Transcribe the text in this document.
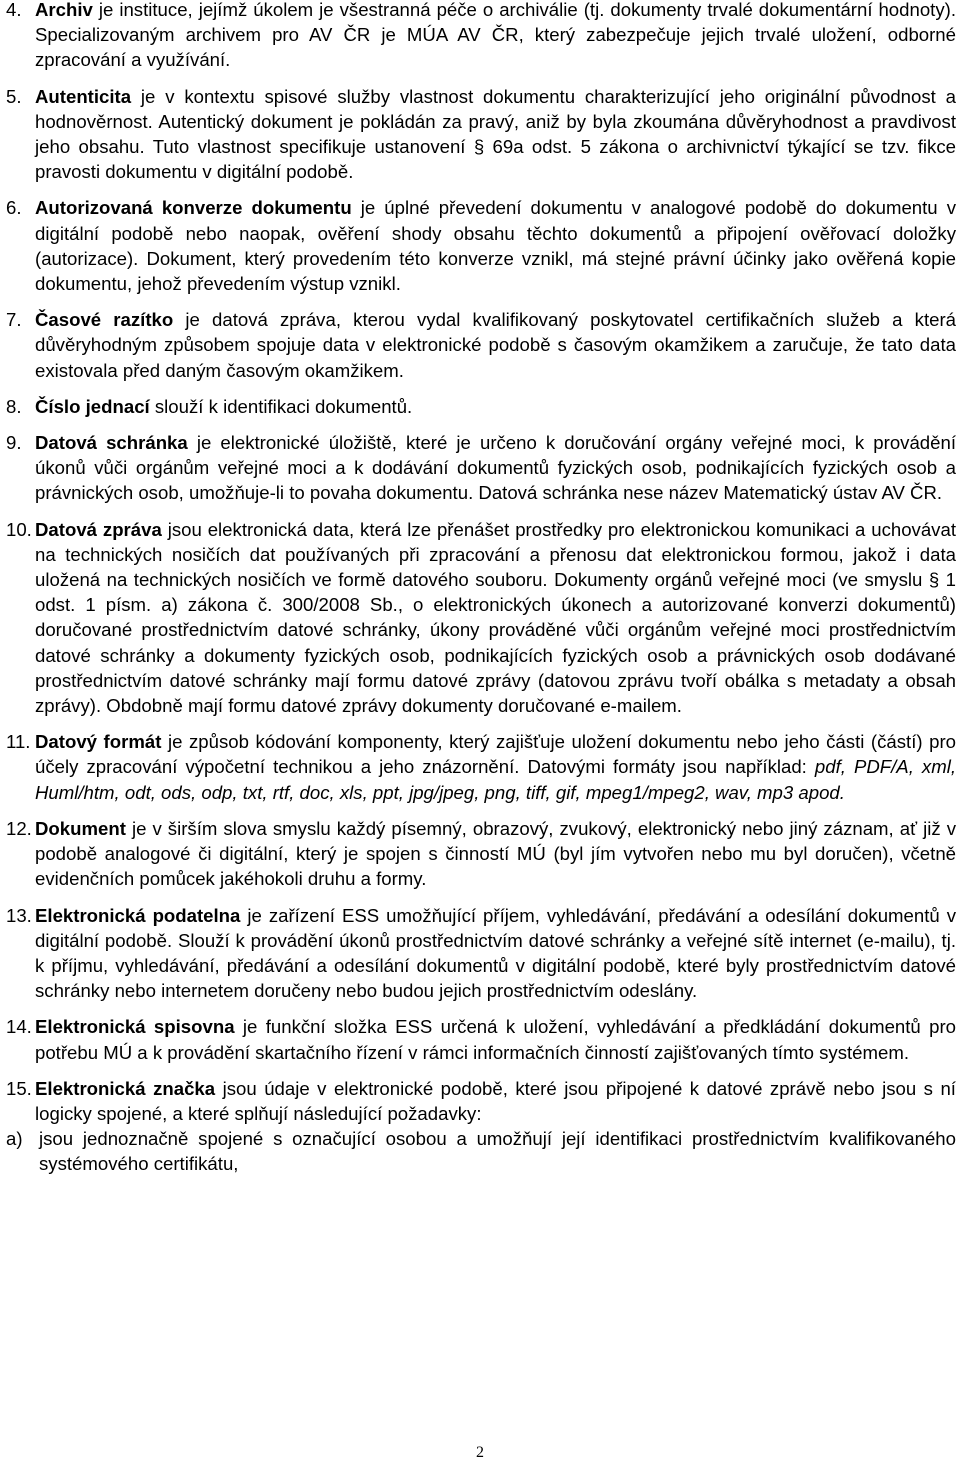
4. Archiv je instituce, jejímž úkolem je všestranná péče o archiválie (tj. dokumenty trvalé dokumentární hodnoty). Specializovaným archivem pro AV ČR je MÚA AV ČR, který zabezpečuje jejich trvalé uložení, odborné zpracování a využívání.
5. Autenticita je v kontextu spisové služby vlastnost dokumentu charakterizující jeho originální původnost a hodnověrnost. Autentický dokument je pokládán za pravý, aniž by byla zkoumána důvěryhodnost a pravdivost jeho obsahu. Tuto vlastnost specifikuje ustanovení § 69a odst. 5 zákona o archivnictví týkající se tzv. fikce pravosti dokumentu v digitální podobě.
6. Autorizovaná konverze dokumentu je úplné převedení dokumentu v analogové podobě do dokumentu v digitální podobě nebo naopak, ověření shody obsahu těchto dokumentů a připojení ověřovací doložky (autorizace). Dokument, který provedením této konverze vznikl, má stejné právní účinky jako ověřená kopie dokumentu, jehož převedením výstup vznikl.
7. Časové razítko je datová zpráva, kterou vydal kvalifikovaný poskytovatel certifikačních služeb a která důvěryhodným způsobem spojuje data v elektronické podobě s časovým okamžikem a zaručuje, že tato data existovala před daným časovým okamžikem.
8. Číslo jednací slouží k identifikaci dokumentů.
9. Datová schránka je elektronické úložiště, které je určeno k doručování orgány veřejné moci, k provádění úkonů vůči orgánům veřejné moci a k dodávání dokumentů fyzických osob, podnikajících fyzických osob a právnických osob, umožňuje-li to povaha dokumentu. Datová schránka nese název Matematický ústav AV ČR.
10. Datová zpráva jsou elektronická data, která lze přenášet prostředky pro elektronickou komunikaci a uchovávat na technických nosičích dat používaných při zpracování a přenosu dat elektronickou formou, jakož i data uložená na technických nosičích ve formě datového souboru. Dokumenty orgánů veřejné moci (ve smyslu § 1 odst. 1 písm. a) zákona č. 300/2008 Sb., o elektronických úkonech a autorizované konverzi dokumentů) doručované prostřednictvím datové schránky, úkony prováděné vůči orgánům veřejné moci prostřednictvím datové schránky a dokumenty fyzických osob, podnikajících fyzických osob a právnických osob dodávané prostřednictvím datové schránky mají formu datové zprávy (datovou zprávu tvoří obálka s metadaty a obsah zprávy). Obdobně mají formu datové zprávy dokumenty doručované e-mailem.
11. Datový formát je způsob kódování komponenty, který zajišťuje uložení dokumentu nebo jeho části (částí) pro účely zpracování výpočetní technikou a jeho znázornění. Datovými formáty jsou například: pdf, PDF/A, xml, Huml/htm, odt, ods, odp, txt, rtf, doc, xls, ppt, jpg/jpeg, png, tiff, gif, mpeg1/mpeg2, wav, mp3 apod.
12. Dokument je v širším slova smyslu každý písemný, obrazový, zvukový, elektronický nebo jiný záznam, ať již v podobě analogové či digitální, který je spojen s činností MÚ (byl jím vytvořen nebo mu byl doručen), včetně evidenčních pomůcek jakéhokoli druhu a formy.
13. Elektronická podatelna je zařízení ESS umožňující příjem, vyhledávání, předávání a odesílání dokumentů v digitální podobě. Slouží k provádění úkonů prostřednictvím datové schránky a veřejné sítě internet (e-mailu), tj. k příjmu, vyhledávání, předávání a odesílání dokumentů v digitální podobě, které byly prostřednictvím datové schránky nebo internetem doručeny nebo budou jejich prostřednictvím odeslány.
14. Elektronická spisovna je funkční složka ESS určená k uložení, vyhledávání a předkládání dokumentů pro potřebu MÚ a k provádění skartačního řízení v rámci informačních činností zajišťovaných tímto systémem.
15. Elektronická značka jsou údaje v elektronické podobě, které jsou připojené k datové zprávě nebo jsou s ní logicky spojené, a které splňují následující požadavky:
a) jsou jednoznačně spojené s označující osobou a umožňují její identifikaci prostřednictvím kvalifikovaného systémového certifikátu,
2
